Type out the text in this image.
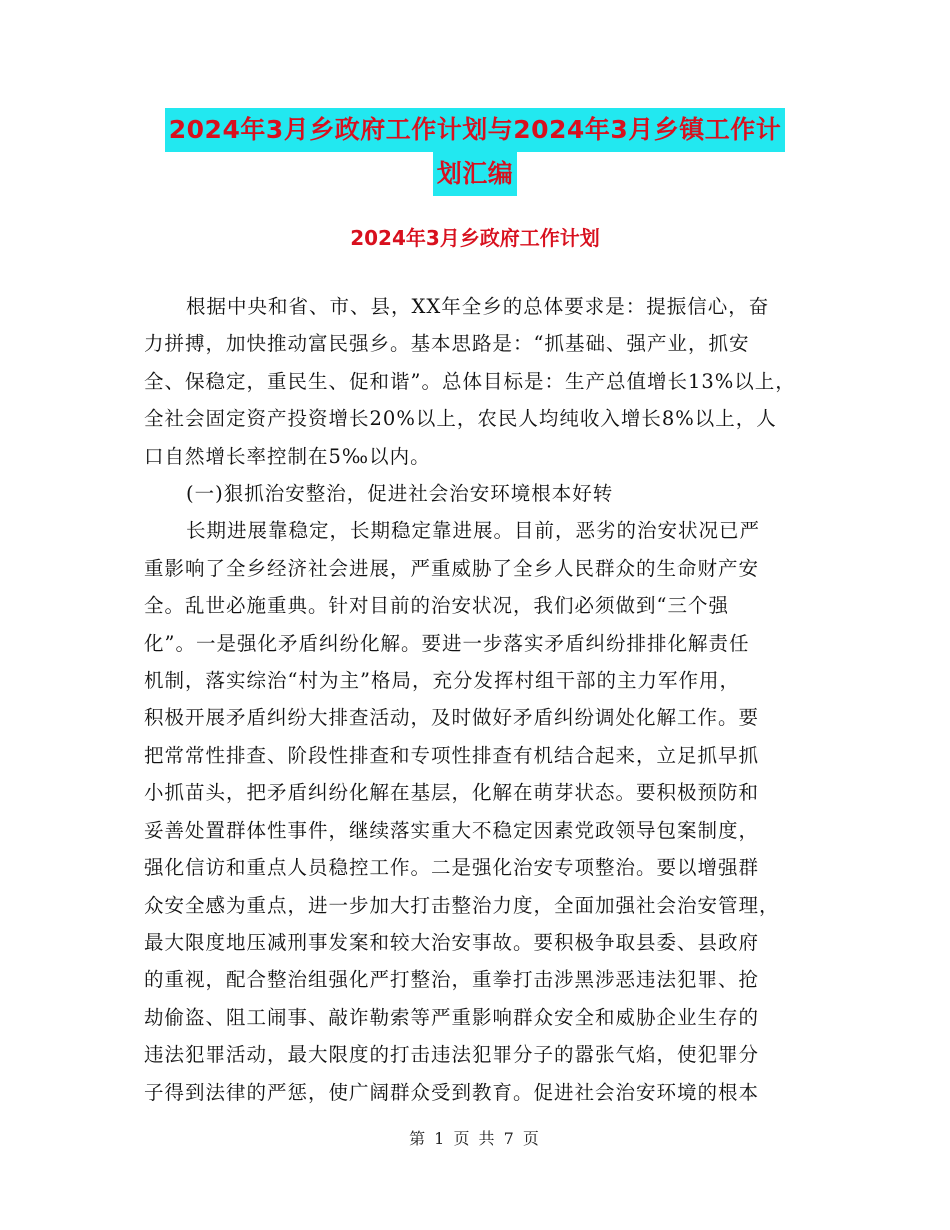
2024年3月乡政府工作计划与2024年3月乡镇工作计
划汇编
2024年3月乡政府工作计划

根据中央和省、市、县，XX年全乡的总体要求是：提振信心，奋
力拼搏，加快推动富民强乡。基本思路是：“抓基础、强产业，抓安
全、保稳定，重民生、促和谐”。总体目标是：生产总值增长13%以上，
全社会固定资产投资增长20%以上，农民人均纯收入增长8%以上，人
口自然增长率控制在5‰以内。

(一)狠抓治安整治，促进社会治安环境根本好转

长期进展靠稳定，长期稳定靠进展。目前，恶劣的治安状况已严
重影响了全乡经济社会进展，严重威胁了全乡人民群众的生命财产安
全。乱世必施重典。针对目前的治安状况，我们必须做到“三个强
化”。一是强化矛盾纠纷化解。要进一步落实矛盾纠纷排排化解责任
机制，落实综治“村为主”格局，充分发挥村组干部的主力军作用，
积极开展矛盾纠纷大排查活动，及时做好矛盾纠纷调处化解工作。要
把常常性排查、阶段性排查和专项性排查有机结合起来，立足抓早抓
小抓苗头，把矛盾纠纷化解在基层，化解在萌芽状态。要积极预防和
妥善处置群体性事件，继续落实重大不稳定因素党政领导包案制度，
强化信访和重点人员稳控工作。二是强化治安专项整治。要以增强群
众安全感为重点，进一步加大打击整治力度，全面加强社会治安管理，
最大限度地压减刑事发案和较大治安事故。要积极争取县委、县政府
的重视，配合整治组强化严打整治，重拳打击涉黑涉恶违法犯罪、抢
劫偷盗、阻工闹事、敲诈勒索等严重影响群众安全和威胁企业生存的
违法犯罪活动，最大限度的打击违法犯罪分子的嚣张气焰，使犯罪分
子得到法律的严惩，使广阔群众受到教育。促进社会治安环境的根本

第 1 页 共 7 页
